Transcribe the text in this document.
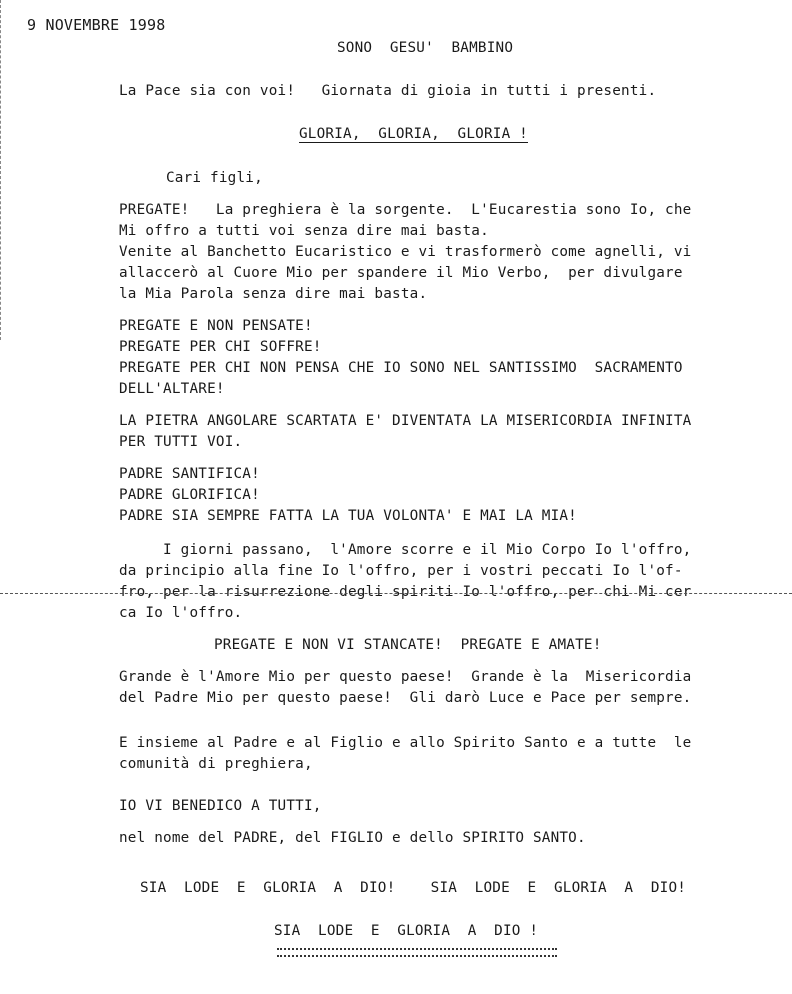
9 NOVEMBRE 1998
SONO  GESU'  BAMBINO
La Pace sia con voi!   Giornata di gioia in tutti i presenti.
GLORIA,  GLORIA,  GLORIA !
Cari figli,
PREGATE!   La preghiera è la sorgente.  L'Eucarestia sono Io, che
Mi offro a tutti voi senza dire mai basta.
Venite al Banchetto Eucaristico e vi trasformerò come agnelli, vi
allaccerò al Cuore Mio per spandere il Mio Verbo,  per divulgare
la Mia Parola senza dire mai basta.
PREGATE E NON PENSATE!
PREGATE PER CHI SOFFRE!
PREGATE PER CHI NON PENSA CHE IO SONO NEL SANTISSIMO  SACRAMENTO
DELL'ALTARE!
LA PIETRA ANGOLARE SCARTATA E' DIVENTATA LA MISERICORDIA INFINITA
PER TUTTI VOI.
PADRE SANTIFICA!
PADRE GLORIFICA!
PADRE SIA SEMPRE FATTA LA TUA VOLONTA' E MAI LA MIA!
I giorni passano,  l'Amore scorre e il Mio Corpo Io l'offro,
da principio alla fine Io l'offro, per i vostri peccati Io l'of-
fro, per la risurrezione degli spiriti Io l'offro, per chi Mi cer
ca Io l'offro.
PREGATE E NON VI STANCATE!  PREGATE E AMATE!
Grande è l'Amore Mio per questo paese!  Grande è la  Misericordia
del Padre Mio per questo paese!  Gli darò Luce e Pace per sempre.
E insieme al Padre e al Figlio e allo Spirito Santo e a tutte  le
comunità di preghiera,
IO VI BENEDICO A TUTTI,
nel nome del PADRE, del FIGLIO e dello SPIRITO SANTO.
SIA  LODE  E  GLORIA  A  DIO!    SIA  LODE  E  GLORIA  A  DIO!
SIA  LODE  E  GLORIA  A  DIO !
